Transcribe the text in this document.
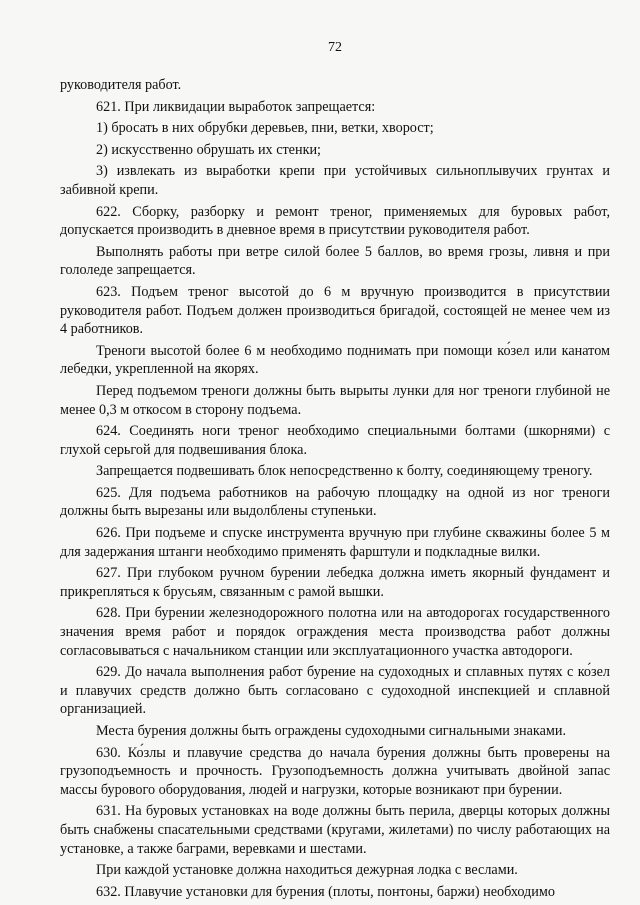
72

руководителя работ.

621. При ликвидации выработок запрещается:

1) бросать в них обрубки деревьев, пни, ветки, хворост;

2) искусственно обрушать их стенки;

3) извлекать из выработки крепи при устойчивых сильноплывучих грунтах и забивной крепи.

622. Сборку, разборку и ремонт треног, применяемых для буровых работ, допускается производить в дневное время в присутствии руководителя работ.

Выполнять работы при ветре силой более 5 баллов, во время грозы, ливня и при гололеде запрещается.

623. Подъем треног высотой до 6 м вручную производится в присутствии руководителя работ. Подъем должен производиться бригадой, состоящей не менее чем из 4 работников.

Треноги высотой более 6 м необходимо поднимать при помощи ко́зел или канатом лебедки, укрепленной на якорях.

Перед подъемом треноги должны быть вырыты лунки для ног треноги глубиной не менее 0,3 м откосом в сторону подъема.

624. Соединять ноги треног необходимо специальными болтами (шкорнями) с глухой серьгой для подвешивания блока.

Запрещается подвешивать блок непосредственно к болту, соединяющему треногу.

625. Для подъема работников на рабочую площадку на одной из ног треноги должны быть вырезаны или выдолблены ступеньки.

626. При подъеме и спуске инструмента вручную при глубине скважины более 5 м для задержания штанги необходимо применять фарштули и подкладные вилки.

627. При глубоком ручном бурении лебедка должна иметь якорный фундамент и прикрепляться к брусьям, связанным с рамой вышки.

628. При бурении железнодорожного полотна или на автодорогах государственного значения время работ и порядок ограждения места производства работ должны согласовываться с начальником станции или эксплуатационного участка автодороги.

629. До начала выполнения работ бурение на судоходных и сплавных путях с ко́зел и плавучих средств должно быть согласовано с судоходной инспекцией и сплавной организацией.

Места бурения должны быть ограждены судоходными сигнальными знаками.

630. Ко́злы и плавучие средства до начала бурения должны быть проверены на грузоподъемность и прочность. Грузоподъемность должна учитывать двойной запас массы бурового оборудования, людей и нагрузки, которые возникают при бурении.

631. На буровых установках на воде должны быть перила, дверцы которых должны быть снабжены спасательными средствами (кругами, жилетами) по числу работающих на установке, а также баграми, веревками и шестами.

При каждой установке должна находиться дежурная лодка с веслами.

632. Плавучие установки для бурения (плоты, понтоны, баржи) необходимо
